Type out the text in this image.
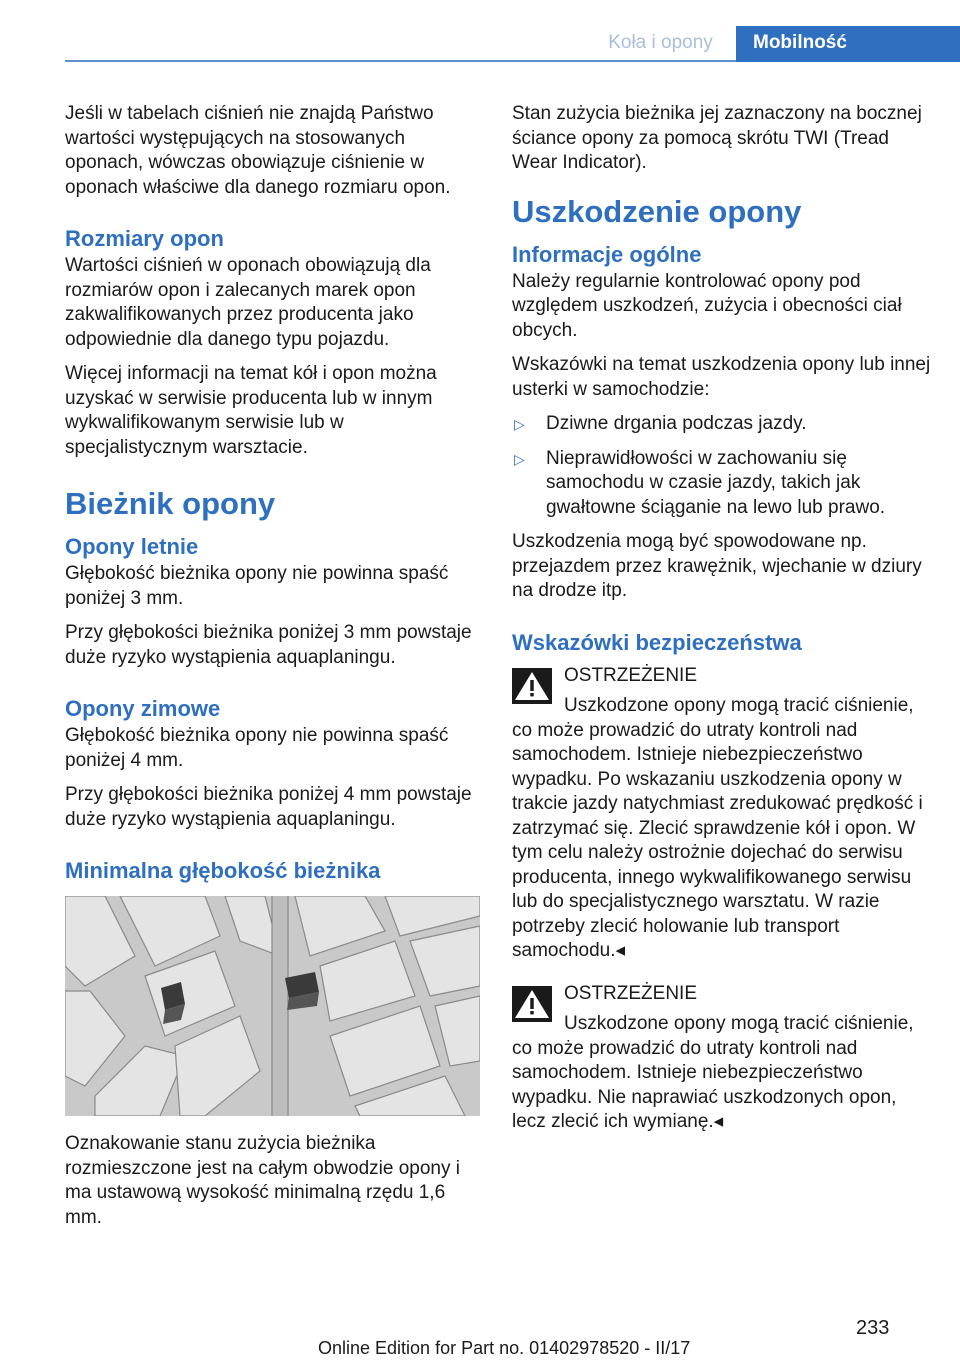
Koła i opony	Mobilność

Jeśli w tabelach ciśnień nie znajdą Państwo wartości występujących na stosowanych oponach, wówczas obowiązuje ciśnienie w oponach właściwe dla danego rozmiaru opon.

Rozmiary opon

Wartości ciśnień w oponach obowiązują dla rozmiarów opon i zalecanych marek opon zakwalifikowanych przez producenta jako odpowiednie dla danego typu pojazdu.

Więcej informacji na temat kół i opon można uzyskać w serwisie producenta lub w innym wykwalifikowanym serwisie lub w specjalistycznym warsztacie.

Bieżnik opony
Opony letnie

Głębokość bieżnika opony nie powinna spaść poniżej 3 mm.

Przy głębokości bieżnika poniżej 3 mm powstaje duże ryzyko wystąpienia aquaplaningu.

Opony zimowe

Głębokość bieżnika opony nie powinna spaść poniżej 4 mm.

Przy głębokości bieżnika poniżej 4 mm powstaje duże ryzyko wystąpienia aquaplaningu.

Minimalna głębokość bieżnika

Oznakowanie stanu zużycia bieżnika rozmieszczone jest na całym obwodzie opony i ma ustawową wysokość minimalną rzędu 1,6 mm.

Stan zużycia bieżnika jej zaznaczony na bocznej ściance opony za pomocą skrótu TWI (Tread Wear Indicator).

Uszkodzenie opony
Informacje ogólne

Należy regularnie kontrolować opony pod względem uszkodzeń, zużycia i obecności ciał obcych.

Wskazówki na temat uszkodzenia opony lub innej usterki w samochodzie:

▷ Dziwne drgania podczas jazdy.
▷ Nieprawidłowości w zachowaniu się samochodu w czasie jazdy, takich jak gwałtowne ściąganie na lewo lub prawo.

Uszkodzenia mogą być spowodowane np. przejazdem przez krawężnik, wjechanie w dziury na drodze itp.

Wskazówki bezpieczeństwa
OSTRZEŻENIE

Uszkodzone opony mogą tracić ciśnienie, co może prowadzić do utraty kontroli nad samochodem. Istnieje niebezpieczeństwo wypadku. Po wskazaniu uszkodzenia opony w trakcie jazdy natychmiast zredukować prędkość i zatrzymać się. Zlecić sprawdzenie kół i opon. W tym celu należy ostrożnie dojechać do serwisu producenta, innego wykwalifikowanego serwisu lub do specjalistycznego warsztatu. W razie potrzeby zlecić holowanie lub transport samochodu.◂

OSTRZEŻENIE

Uszkodzone opony mogą tracić ciśnienie, co może prowadzić do utraty kontroli nad samochodem. Istnieje niebezpieczeństwo wypadku. Nie naprawiać uszkodzonych opon, lecz zlecić ich wymianę.◂

233
Online Edition for Part no. 01402978520 - II/17
